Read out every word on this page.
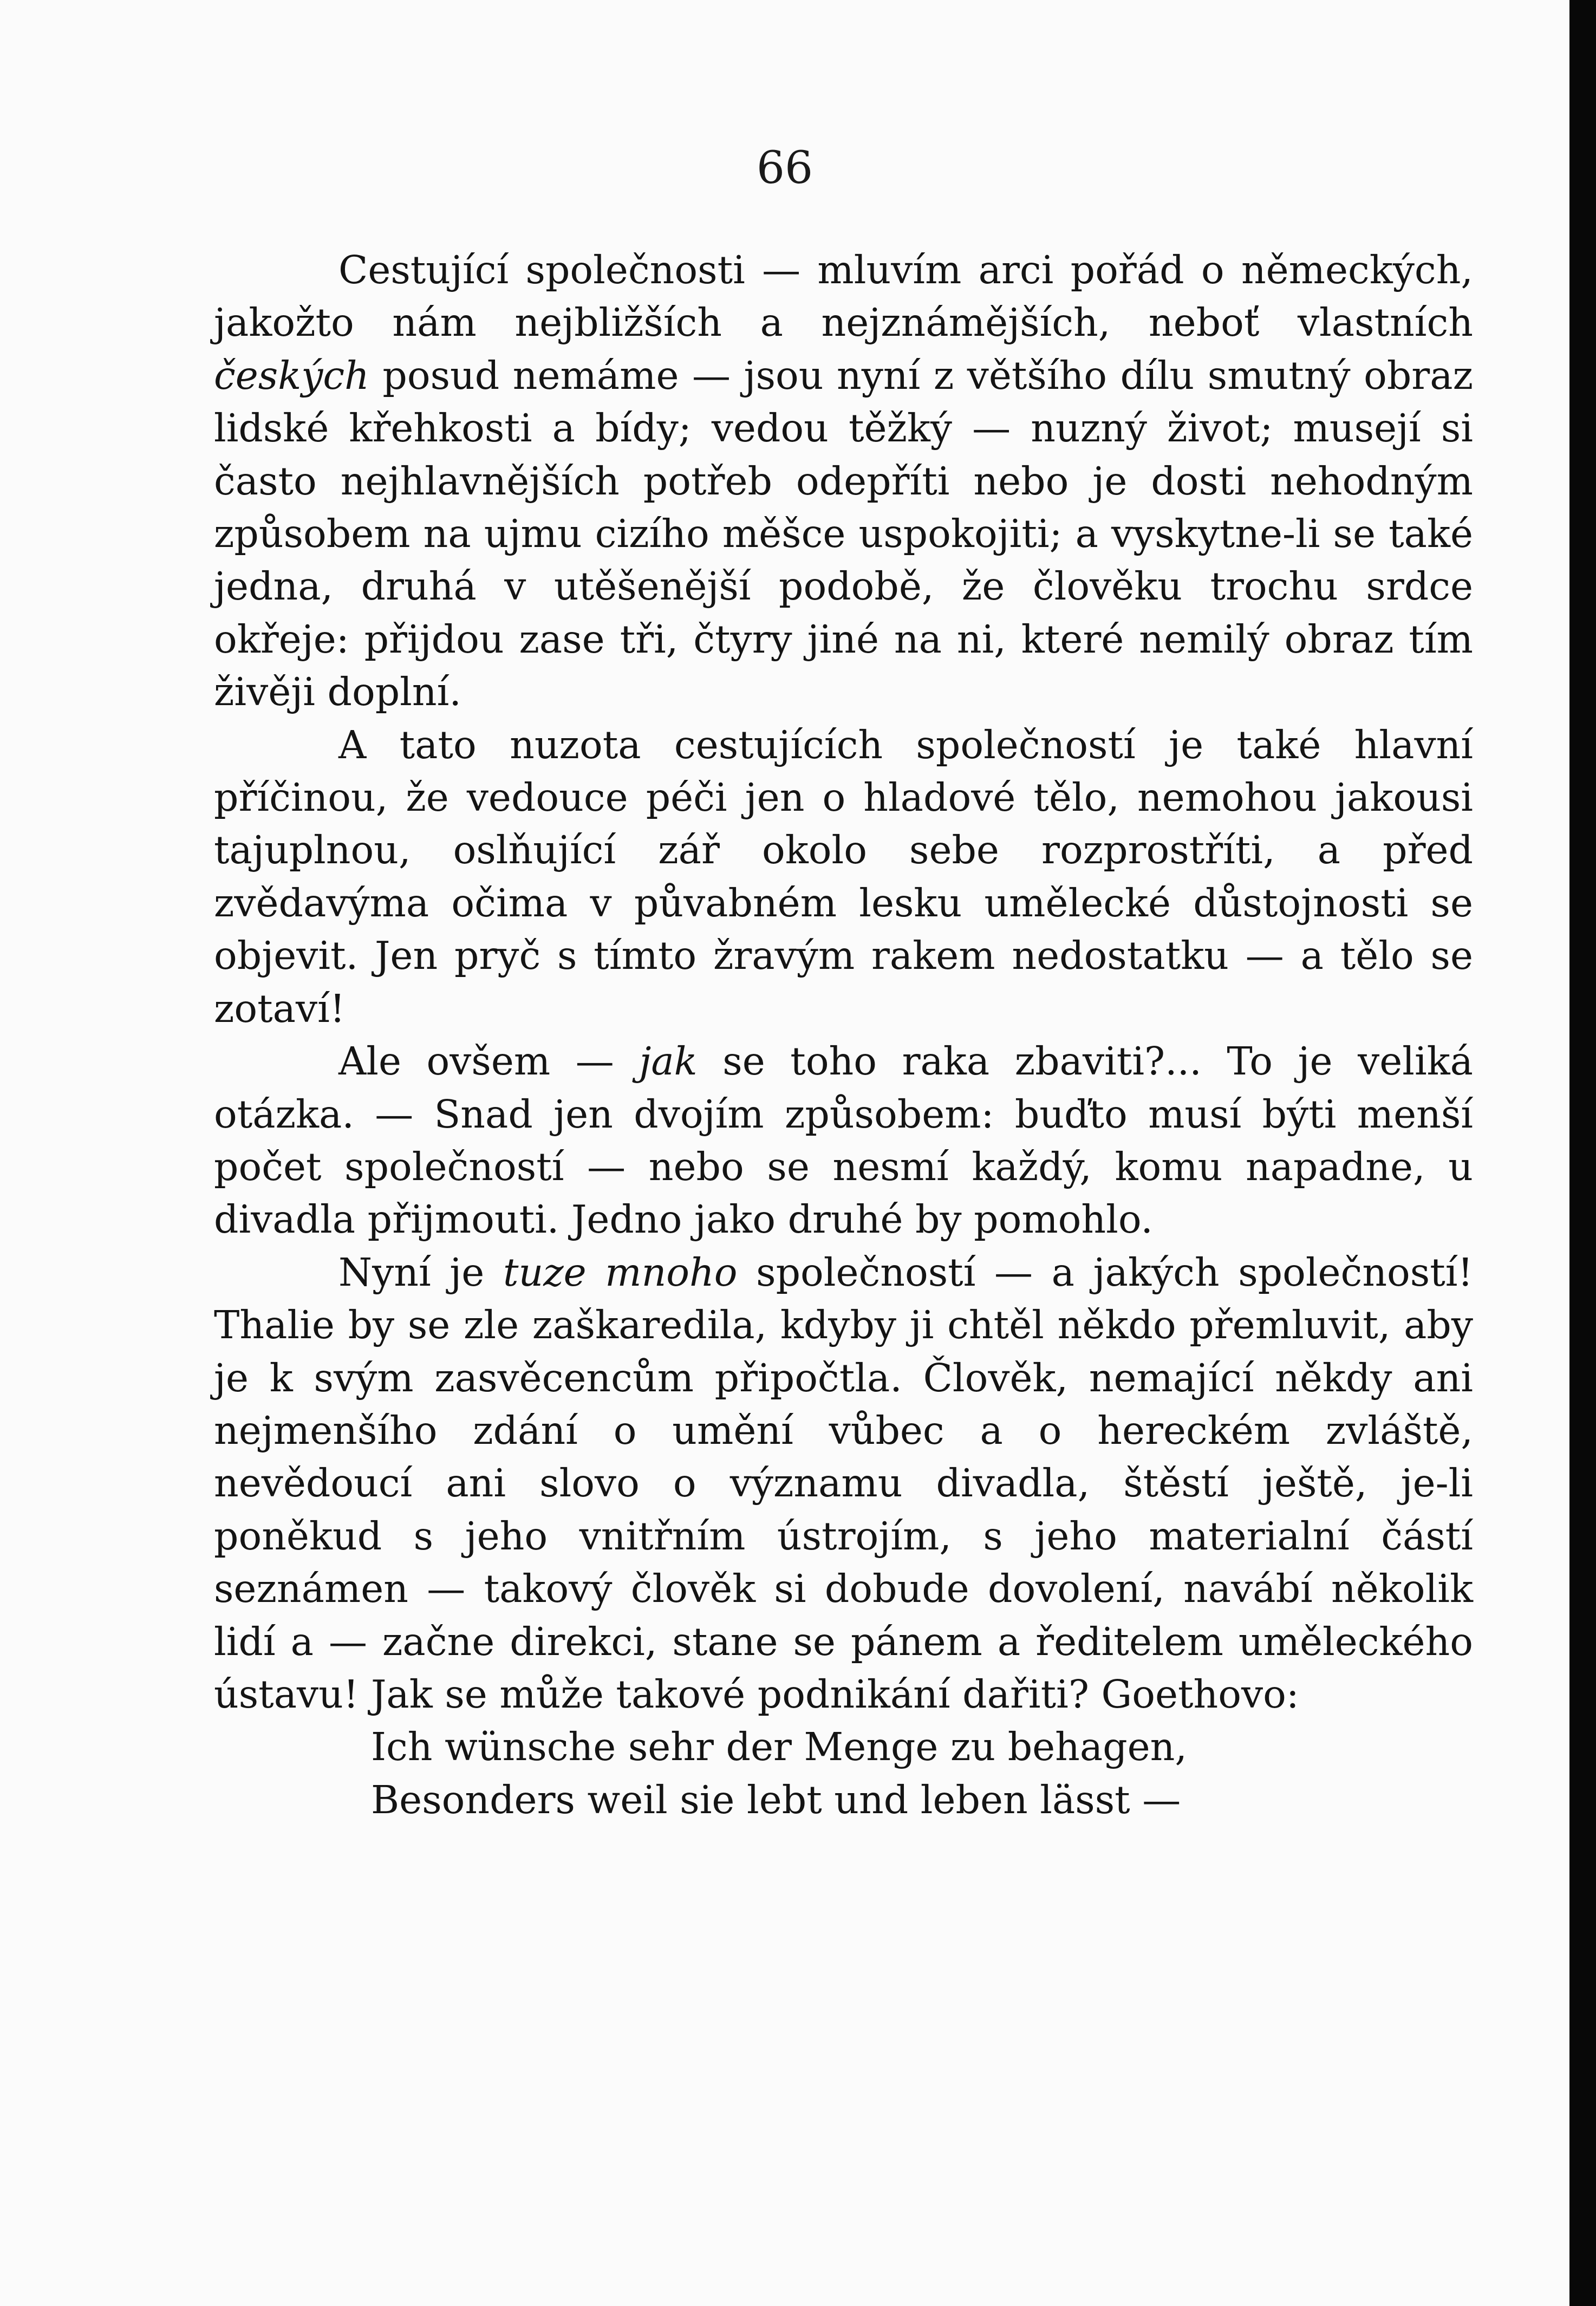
66

Cestující společnosti — mluvím arci pořád o německých, jakožto nám nejbližších a nejznámějších, neboť vlastních českých posud nemáme — jsou nyní z většího dílu smutný obraz lidské křehkosti a bídy; vedou těžký — nuzný život; musejí si často nejhlavnějších potřeb odepříti nebo je dosti nehodným způsobem na ujmu cizího měšce uspokojiti; a vyskytne-li se také jedna, druhá v utěšenější podobě, že člověku trochu srdce okřeje: přijdou zase tři, čtyry jiné na ni, které nemilý obraz tím živěji doplní.

A tato nuzota cestujících společností je také hlavní příčinou, že vedouce péči jen o hladové tělo, nemohou jakousi tajuplnou, oslňující zář okolo sebe rozprostříti, a před zvědavýma očima v půvabném lesku umělecké důstojnosti se objevit. Jen pryč s tímto žravým rakem nedostatku — a tělo se zotaví!

Ale ovšem — jak se toho raka zbaviti?... To je veliká otázka. — Snad jen dvojím způsobem: buďto musí býti menší počet společností — nebo se nesmí každý, komu napadne, u divadla přijmouti. Jedno jako druhé by pomohlo.

Nyní je tuze mnoho společností — a jakých společností! Thalie by se zle zaškaredila, kdyby ji chtěl někdo přemluvit, aby je k svým zasvěcencům připočtla. Člověk, nemající někdy ani nejmenšího zdání o umění vůbec a o hereckém zvláště, nevědoucí ani slovo o významu divadla, štěstí ještě, je-li poněkud s jeho vnitřním ústrojím, s jeho materialní částí seznámen — takový člověk si dobude dovolení, navábí několik lidí a — začne direkci, stane se pánem a ředitelem uměleckého ústavu! Jak se může takové podnikání dařiti? Goethovo:

Ich wünsche sehr der Menge zu behagen,
Besonders weil sie lebt und leben lässt —
